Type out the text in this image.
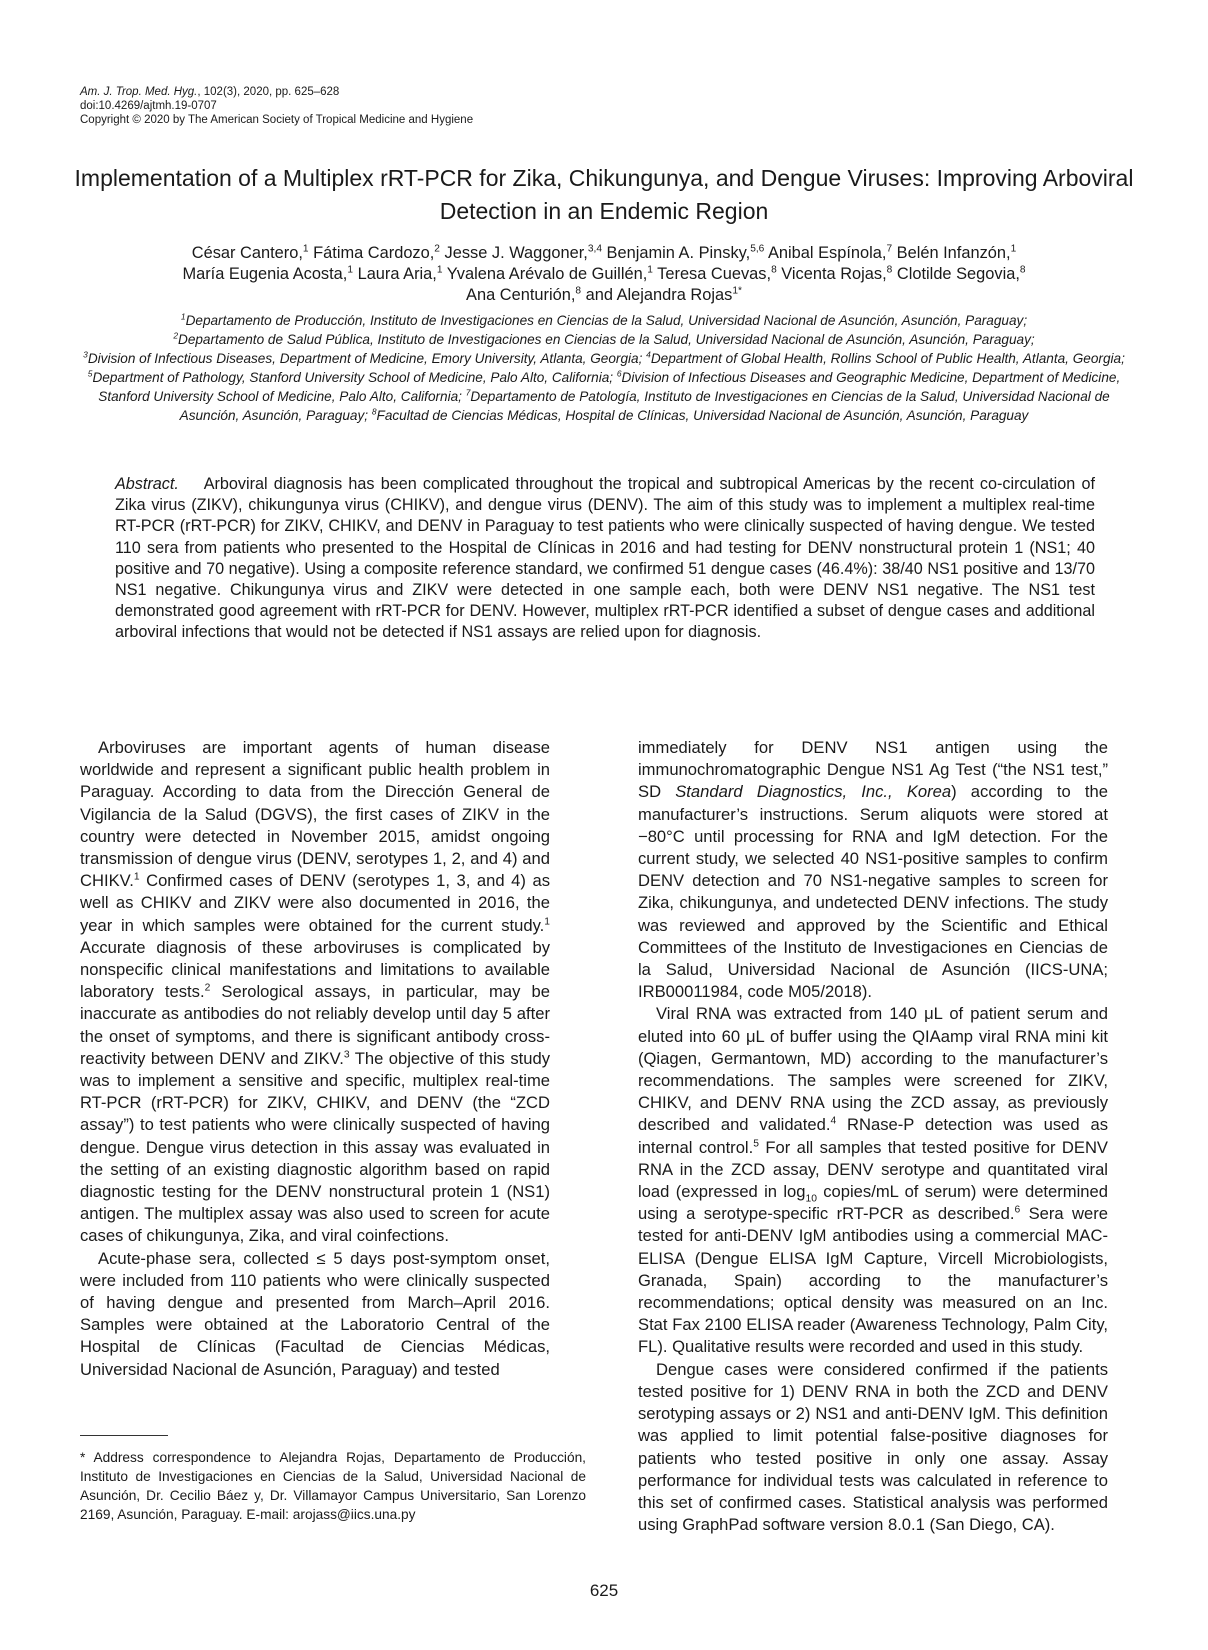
Am. J. Trop. Med. Hyg., 102(3), 2020, pp. 625–628
doi:10.4269/ajtmh.19-0707
Copyright © 2020 by The American Society of Tropical Medicine and Hygiene
Implementation of a Multiplex rRT-PCR for Zika, Chikungunya, and Dengue Viruses: Improving Arboviral Detection in an Endemic Region
César Cantero,$^1$ Fátima Cardozo,$^2$ Jesse J. Waggoner,$^{3,4}$ Benjamin A. Pinsky,$^{5,6}$ Anibal Espínola,$^7$ Belén Infanzón,$^1$
María Eugenia Acosta,$^1$ Laura Aria,$^1$ Yvalena Arévalo de Guillén,$^1$ Teresa Cuevas,$^8$ Vicenta Rojas,$^8$ Clotilde Segovia,$^8$
Ana Centurión,$^8$ and Alejandra Rojas$^{1*}$
$^1$Departamento de Producción, Instituto de Investigaciones en Ciencias de la Salud, Universidad Nacional de Asunción, Asunción, Paraguay;
$^2$Departamento de Salud Pública, Instituto de Investigaciones en Ciencias de la Salud, Universidad Nacional de Asunción, Asunción, Paraguay;
$^3$Division of Infectious Diseases, Department of Medicine, Emory University, Atlanta, Georgia; $^4$Department of Global Health, Rollins School of Public Health, Atlanta, Georgia; $^5$Department of Pathology, Stanford University School of Medicine, Palo Alto, California; $^6$Division of Infectious Diseases and Geographic Medicine, Department of Medicine, Stanford University School of Medicine, Palo Alto, California; $^7$Departamento de Patología, Instituto de Investigaciones en Ciencias de la Salud, Universidad Nacional de Asunción, Asunción, Paraguay; $^8$Facultad de Ciencias Médicas, Hospital de Clínicas, Universidad Nacional de Asunción, Asunción, Paraguay
Abstract. Arboviral diagnosis has been complicated throughout the tropical and subtropical Americas by the recent co-circulation of Zika virus (ZIKV), chikungunya virus (CHIKV), and dengue virus (DENV). The aim of this study was to implement a multiplex real-time RT-PCR (rRT-PCR) for ZIKV, CHIKV, and DENV in Paraguay to test patients who were clinically suspected of having dengue. We tested 110 sera from patients who presented to the Hospital de Clínicas in 2016 and had testing for DENV nonstructural protein 1 (NS1; 40 positive and 70 negative). Using a composite reference standard, we confirmed 51 dengue cases (46.4%): 38/40 NS1 positive and 13/70 NS1 negative. Chikungunya virus and ZIKV were detected in one sample each, both were DENV NS1 negative. The NS1 test demonstrated good agreement with rRT-PCR for DENV. However, multiplex rRT-PCR identified a subset of dengue cases and additional arboviral infections that would not be detected if NS1 assays are relied upon for diagnosis.

Arboviruses are important agents of human disease worldwide and represent a significant public health problem in Paraguay. According to data from the Dirección General de Vigilancia de la Salud (DGVS), the first cases of ZIKV in the country were detected in November 2015, amidst ongoing transmission of dengue virus (DENV, serotypes 1, 2, and 4) and CHIKV.$^1$ Confirmed cases of DENV (serotypes 1, 3, and 4) as well as CHIKV and ZIKV were also documented in 2016, the year in which samples were obtained for the current study.$^1$ Accurate diagnosis of these arboviruses is complicated by nonspecific clinical manifestations and limitations to available laboratory tests.$^2$ Serological assays, in particular, may be inaccurate as antibodies do not reliably develop until day 5 after the onset of symptoms, and there is significant antibody cross-reactivity between DENV and ZIKV.$^3$ The objective of this study was to implement a sensitive and specific, multiplex real-time RT-PCR (rRT-PCR) for ZIKV, CHIKV, and DENV (the “ZCD assay”) to test patients who were clinically suspected of having dengue. Dengue virus detection in this assay was evaluated in the setting of an existing diagnostic algorithm based on rapid diagnostic testing for the DENV nonstructural protein 1 (NS1) antigen. The multiplex assay was also used to screen for acute cases of chikungunya, Zika, and viral coinfections.

Acute-phase sera, collected ≤ 5 days post-symptom onset, were included from 110 patients who were clinically suspected of having dengue and presented from March–April 2016. Samples were obtained at the Laboratorio Central of the Hospital de Clínicas (Facultad de Ciencias Médicas, Universidad Nacional de Asunción, Paraguay) and tested

immediately for DENV NS1 antigen using the immunochromatographic Dengue NS1 Ag Test (“the NS1 test,” SD Standard Diagnostics, Inc., Korea) according to the manufacturer’s instructions. Serum aliquots were stored at −80°C until processing for RNA and IgM detection. For the current study, we selected 40 NS1-positive samples to confirm DENV detection and 70 NS1-negative samples to screen for Zika, chikungunya, and undetected DENV infections. The study was reviewed and approved by the Scientific and Ethical Committees of the Instituto de Investigaciones en Ciencias de la Salud, Universidad Nacional de Asunción (IICS-UNA; IRB00011984, code M05/2018).

Viral RNA was extracted from 140 μL of patient serum and eluted into 60 μL of buffer using the QIAamp viral RNA mini kit (Qiagen, Germantown, MD) according to the manufacturer’s recommendations. The samples were screened for ZIKV, CHIKV, and DENV RNA using the ZCD assay, as previously described and validated.$^4$ RNase-P detection was used as internal control.$^5$ For all samples that tested positive for DENV RNA in the ZCD assay, DENV serotype and quantitated viral load (expressed in $\log_{10}$ copies/mL of serum) were determined using a serotype-specific rRT-PCR as described.$^6$ Sera were tested for anti-DENV IgM antibodies using a commercial MAC-ELISA (Dengue ELISA IgM Capture, Vircell Microbiologists, Granada, Spain) according to the manufacturer’s recommendations; optical density was measured on an Inc. Stat Fax 2100 ELISA reader (Awareness Technology, Palm City, FL). Qualitative results were recorded and used in this study.

Dengue cases were considered confirmed if the patients tested positive for 1) DENV RNA in both the ZCD and DENV serotyping assays or 2) NS1 and anti-DENV IgM. This definition was applied to limit potential false-positive diagnoses for patients who tested positive in only one assay. Assay performance for individual tests was calculated in reference to this set of confirmed cases. Statistical analysis was performed using GraphPad software version 8.0.1 (San Diego, CA).

* Address correspondence to Alejandra Rojas, Departamento de Producción, Instituto de Investigaciones en Ciencias de la Salud, Universidad Nacional de Asunción, Dr. Cecilio Báez y, Dr. Villamayor Campus Universitario, San Lorenzo 2169, Asunción, Paraguay. E-mail: arojass@iics.una.py
625
